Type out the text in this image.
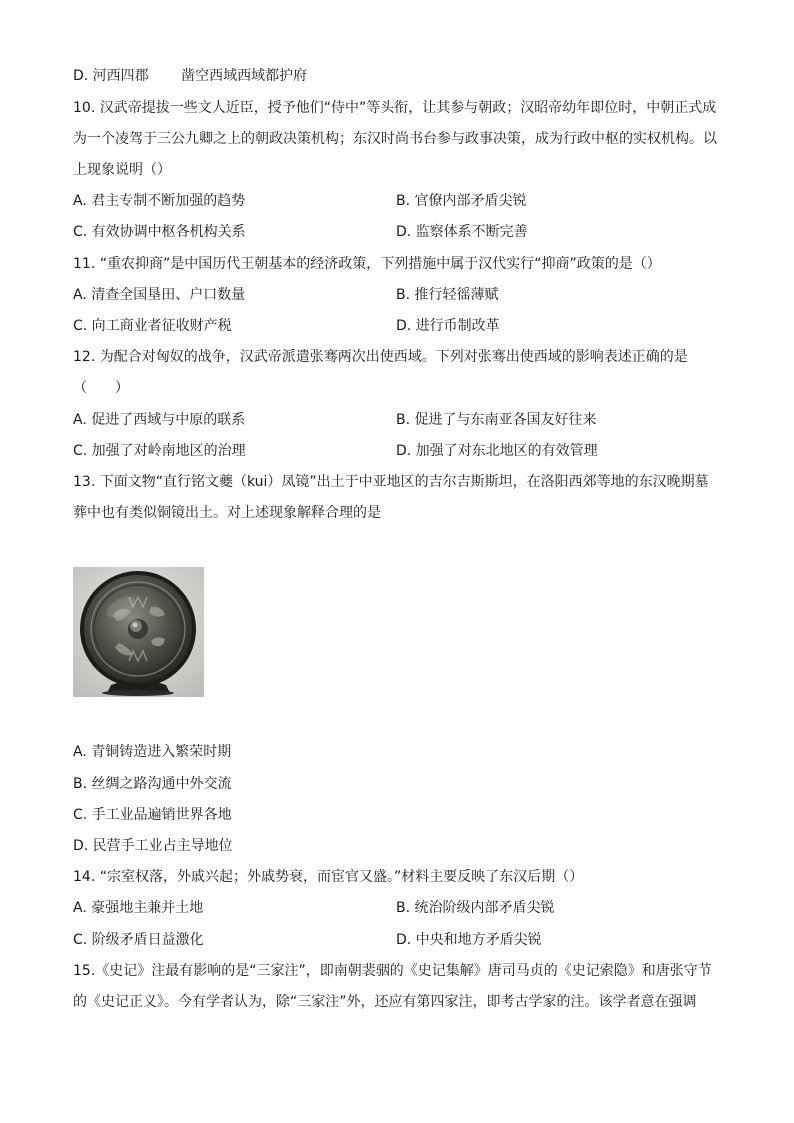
D. 河西四郡　　 凿空西域西域都护府
10. 汉武帝提拔一些文人近臣，授予他们“侍中”等头衔，让其参与朝政；汉昭帝幼年即位时，中朝正式成
为一个凌驾于三公九卿之上的朝政决策机构；东汉时尚书台参与政事决策，成为行政中枢的实权机构。以
上现象说明（）
A. 君主专制不断加强的趋势	B. 官僚内部矛盾尖锐
C. 有效协调中枢各机构关系	D. 监察体系不断完善
11. “重农抑商”是中国历代王朝基本的经济政策，下列措施中属于汉代实行“抑商”政策的是（）
A. 清查全国垦田、户口数量	B. 推行轻徭薄赋
C. 向工商业者征收财产税	D. 进行币制改革
12. 为配合对匈奴的战争，汉武帝派遣张骞两次出使西域。下列对张骞出使西域的影响表述正确的是
（　　）
A. 促进了西域与中原的联系	B. 促进了与东南亚各国友好往来
C. 加强了对岭南地区的治理	D. 加强了对东北地区的有效管理
13. 下面文物“直行铭文夔（kui）凤镜”出土于中亚地区的吉尔吉斯斯坦，在洛阳西郊等地的东汉晚期墓
葬中也有类似铜镜出土。对上述现象解释合理的是
A. 青铜铸造进入繁荣时期
B. 丝绸之路沟通中外交流
C. 手工业品遍销世界各地
D. 民营手工业占主导地位
14. “宗室权落，外戚兴起；外戚势衰，而宦官又盛。”材料主要反映了东汉后期（）
A. 豪强地主兼并土地	B. 统治阶级内部矛盾尖锐
C. 阶级矛盾日益激化	D. 中央和地方矛盾尖锐
15.《史记》注最有影响的是“三家注”，即南朝裴骃的《史记集解》唐司马贞的《史记索隐》和唐张守节
的《史记正义》。今有学者认为，除“三家注”外，还应有第四家注，即考古学家的注。该学者意在强调
